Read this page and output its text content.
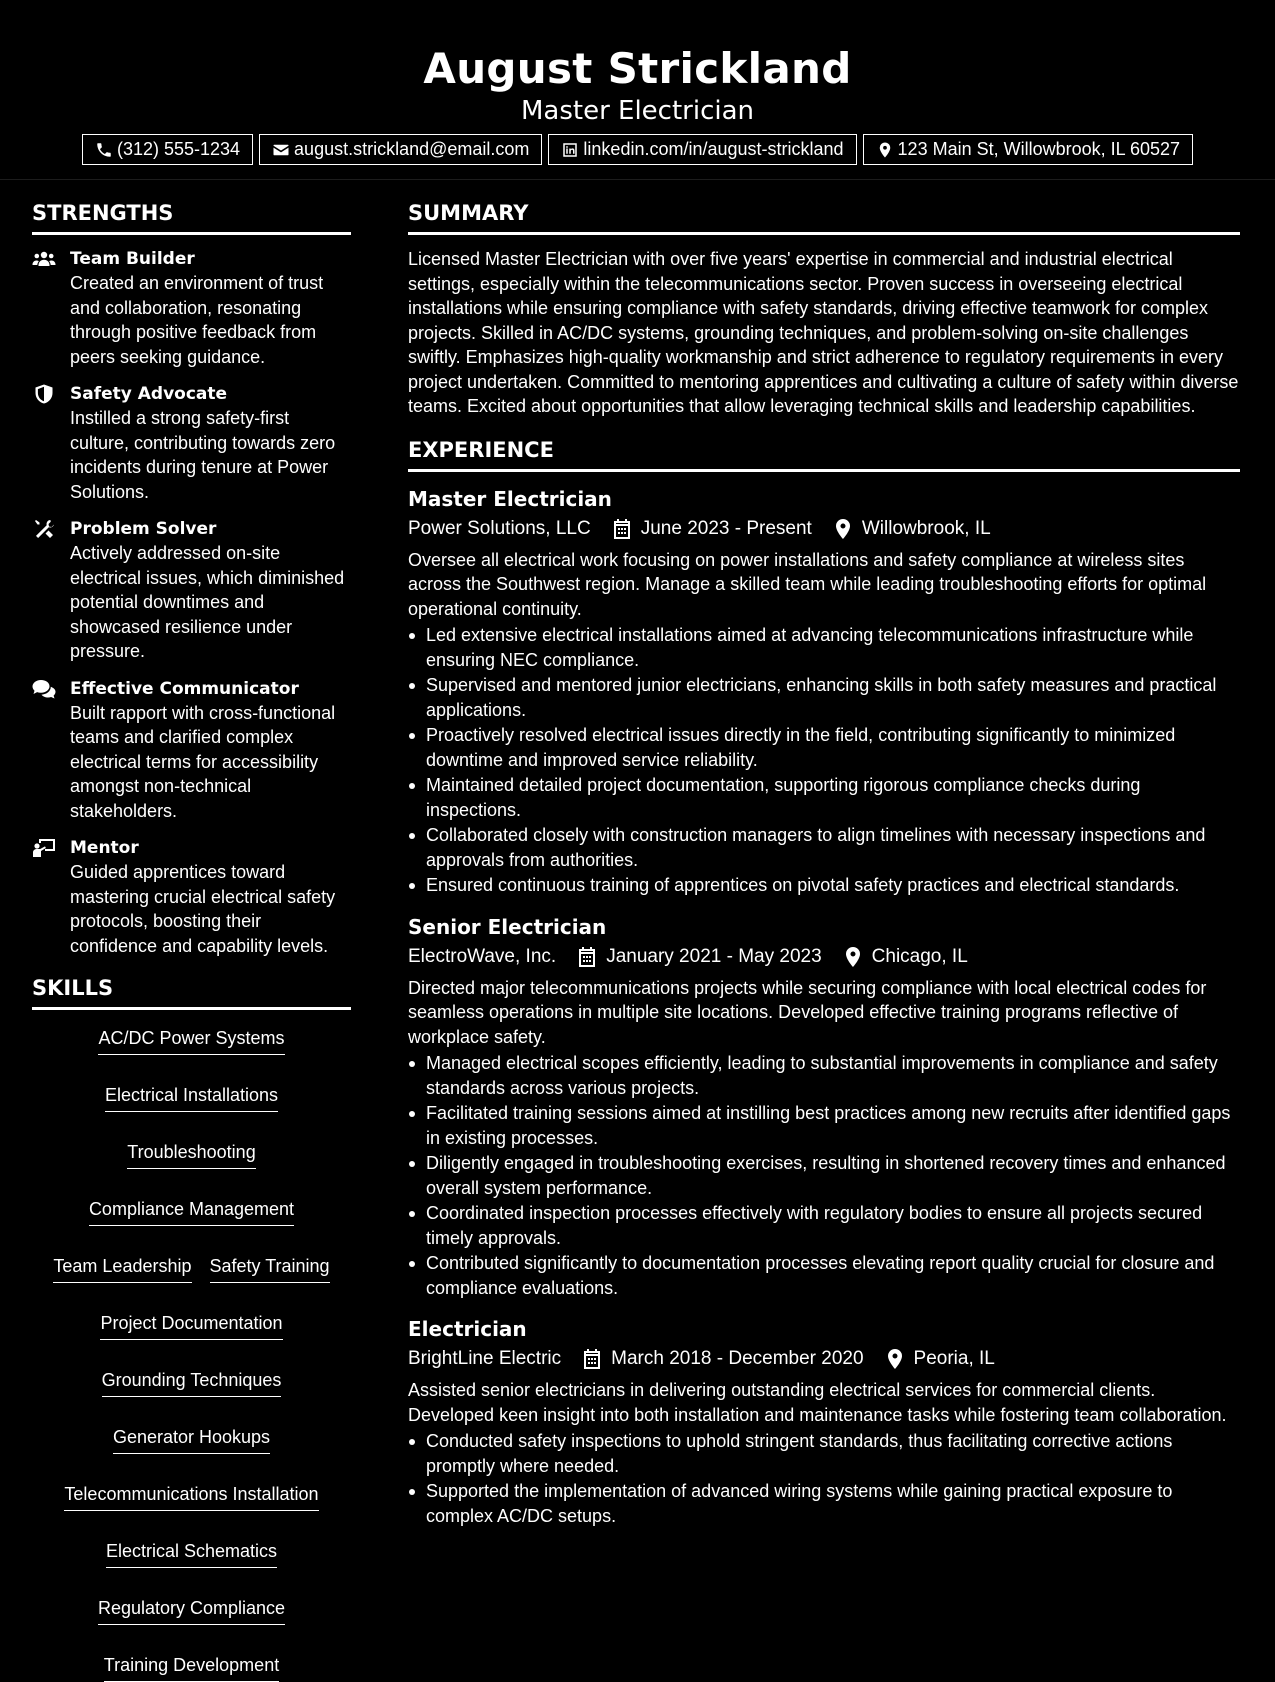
August Strickland
Master Electrician
(312) 555-1234	august.strickland@email.com	linkedin.com/in/august-strickland	123 Main St, Willowbrook, IL 60527
STRENGTHS
Team Builder
Created an environment of trust and collaboration, resonating through positive feedback from peers seeking guidance.
Safety Advocate
Instilled a strong safety-first culture, contributing towards zero incidents during tenure at Power Solutions.
Problem Solver
Actively addressed on-site electrical issues, which diminished potential downtimes and showcased resilience under pressure.
Effective Communicator
Built rapport with cross-functional teams and clarified complex electrical terms for accessibility amongst non-technical stakeholders.
Mentor
Guided apprentices toward mastering crucial electrical safety protocols, boosting their confidence and capability levels.
SKILLS
AC/DC Power Systems
Electrical Installations
Troubleshooting
Compliance Management
Team Leadership Safety Training
Project Documentation
Grounding Techniques
Generator Hookups
Telecommunications Installation
Electrical Schematics
Regulatory Compliance
Training Development
SUMMARY
Licensed Master Electrician with over five years' expertise in commercial and industrial electrical settings, especially within the telecommunications sector. Proven success in overseeing electrical installations while ensuring compliance with safety standards, driving effective teamwork for complex projects. Skilled in AC/DC systems, grounding techniques, and problem-solving on-site challenges swiftly. Emphasizes high-quality workmanship and strict adherence to regulatory requirements in every project undertaken. Committed to mentoring apprentices and cultivating a culture of safety within diverse teams. Excited about opportunities that allow leveraging technical skills and leadership capabilities.
EXPERIENCE
Master Electrician
Power Solutions, LLC	June 2023 - Present	Willowbrook, IL
Oversee all electrical work focusing on power installations and safety compliance at wireless sites across the Southwest region. Manage a skilled team while leading troubleshooting efforts for optimal operational continuity.
Led extensive electrical installations aimed at advancing telecommunications infrastructure while ensuring NEC compliance.
Supervised and mentored junior electricians, enhancing skills in both safety measures and practical applications.
Proactively resolved electrical issues directly in the field, contributing significantly to minimized downtime and improved service reliability.
Maintained detailed project documentation, supporting rigorous compliance checks during inspections.
Collaborated closely with construction managers to align timelines with necessary inspections and approvals from authorities.
Ensured continuous training of apprentices on pivotal safety practices and electrical standards.
Senior Electrician
ElectroWave, Inc.	January 2021 - May 2023	Chicago, IL
Directed major telecommunications projects while securing compliance with local electrical codes for seamless operations in multiple site locations. Developed effective training programs reflective of workplace safety.
Managed electrical scopes efficiently, leading to substantial improvements in compliance and safety standards across various projects.
Facilitated training sessions aimed at instilling best practices among new recruits after identified gaps in existing processes.
Diligently engaged in troubleshooting exercises, resulting in shortened recovery times and enhanced overall system performance.
Coordinated inspection processes effectively with regulatory bodies to ensure all projects secured timely approvals.
Contributed significantly to documentation processes elevating report quality crucial for closure and compliance evaluations.
Electrician
BrightLine Electric	March 2018 - December 2020	Peoria, IL
Assisted senior electricians in delivering outstanding electrical services for commercial clients. Developed keen insight into both installation and maintenance tasks while fostering team collaboration.
Conducted safety inspections to uphold stringent standards, thus facilitating corrective actions promptly where needed.
Supported the implementation of advanced wiring systems while gaining practical exposure to complex AC/DC setups.
